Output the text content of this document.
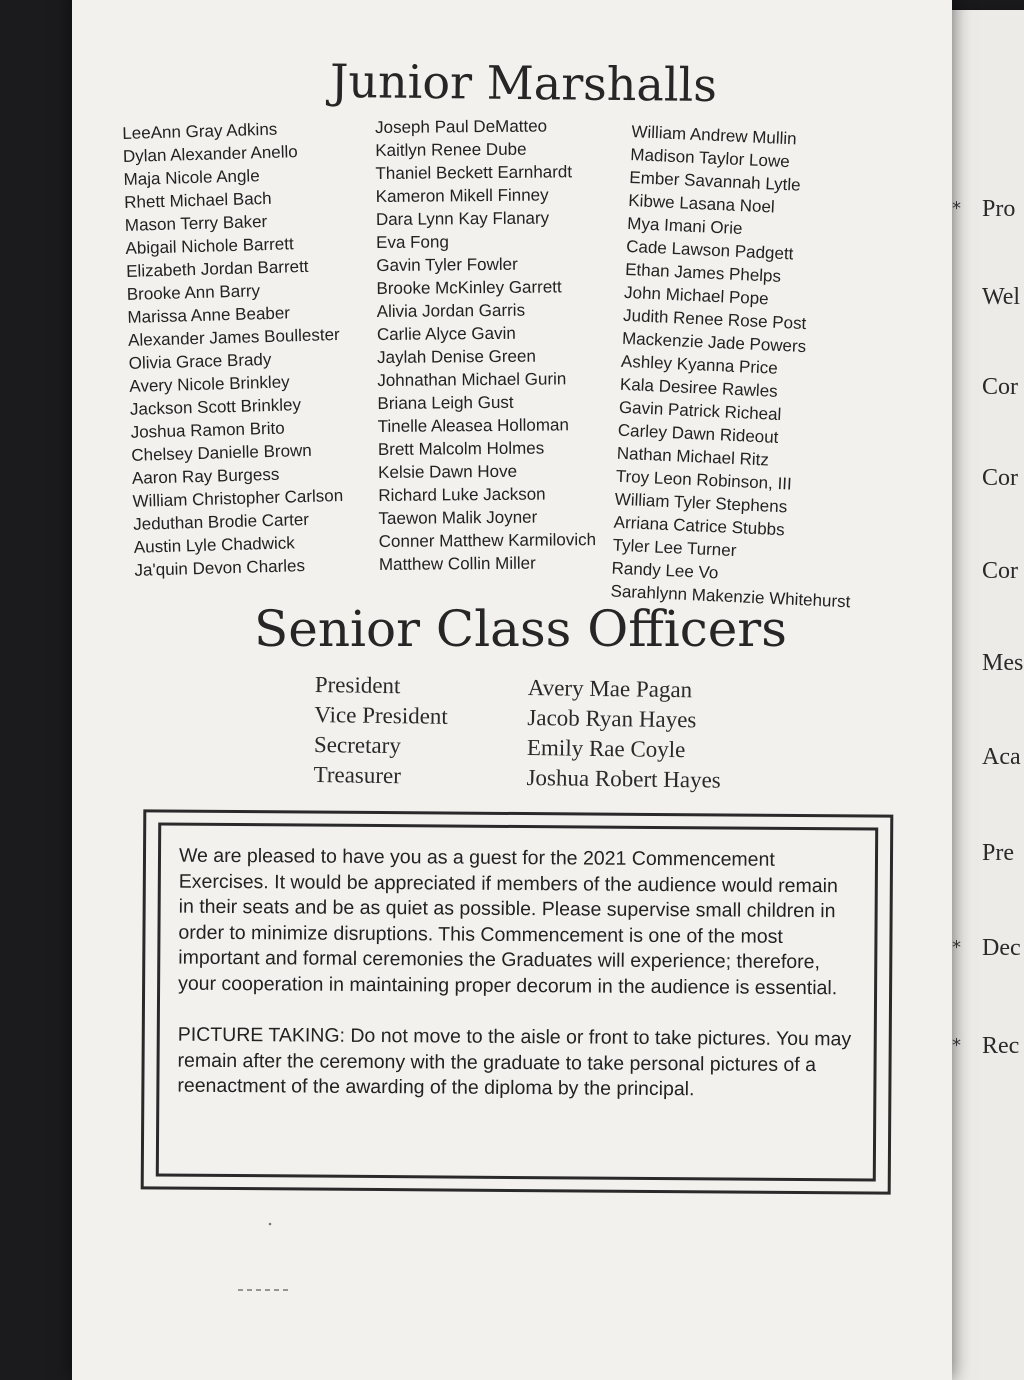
Junior Marshalls
LeeAnn Gray Adkins
Dylan Alexander Anello
Maja Nicole Angle
Rhett Michael Bach
Mason Terry Baker
Abigail Nichole Barrett
Elizabeth Jordan Barrett
Brooke Ann Barry
Marissa Anne Beaber
Alexander James Boullester
Olivia Grace Brady
Avery Nicole Brinkley
Jackson Scott Brinkley
Joshua Ramon Brito
Chelsey Danielle Brown
Aaron Ray Burgess
William Christopher Carlson
Jeduthan Brodie Carter
Austin Lyle Chadwick
Ja'quin Devon Charles
Joseph Paul DeMatteo
Kaitlyn Renee Dube
Thaniel Beckett Earnhardt
Kameron Mikell Finney
Dara Lynn Kay Flanary
Eva Fong
Gavin Tyler Fowler
Brooke McKinley Garrett
Alivia Jordan Garris
Carlie Alyce Gavin
Jaylah Denise Green
Johnathan Michael Gurin
Briana Leigh Gust
Tinelle Aleasea Holloman
Brett Malcolm Holmes
Kelsie Dawn Hove
Richard Luke Jackson
Taewon Malik Joyner
Conner Matthew Karmilovich
Matthew Collin Miller
William Andrew Mullin
Madison Taylor Lowe
Ember Savannah Lytle
Kibwe Lasana Noel
Mya Imani Orie
Cade Lawson Padgett
Ethan James Phelps
John Michael Pope
Judith Renee Rose Post
Mackenzie Jade Powers
Ashley Kyanna Price
Kala Desiree Rawles
Gavin Patrick Richeal
Carley Dawn Rideout
Nathan Michael Ritz
Troy Leon Robinson, III
William Tyler Stephens
Arriana Catrice Stubbs
Tyler Lee Turner
Randy Lee Vo
Sarahlynn Makenzie Whitehurst
Senior Class Officers
President	Avery Mae Pagan
Vice President	Jacob Ryan Hayes
Secretary	Emily Rae Coyle
Treasurer	Joshua Robert Hayes

We are pleased to have you as a guest for the 2021 Commencement Exercises. It would be appreciated if members of the audience would remain in their seats and be as quiet as possible. Please supervise small children in order to minimize disruptions. This Commencement is one of the most important and formal ceremonies the Graduates will experience; therefore, your cooperation in maintaining proper decorum in the audience is essential.

PICTURE TAKING: Do not move to the aisle or front to take pictures. You may remain after the ceremony with the graduate to take personal pictures of a reenactment of the awarding of the diploma by the principal.

* Pro
Wel
Cor
Cor
Cor
Mes
Aca
Pre
* Dec
* Rec
